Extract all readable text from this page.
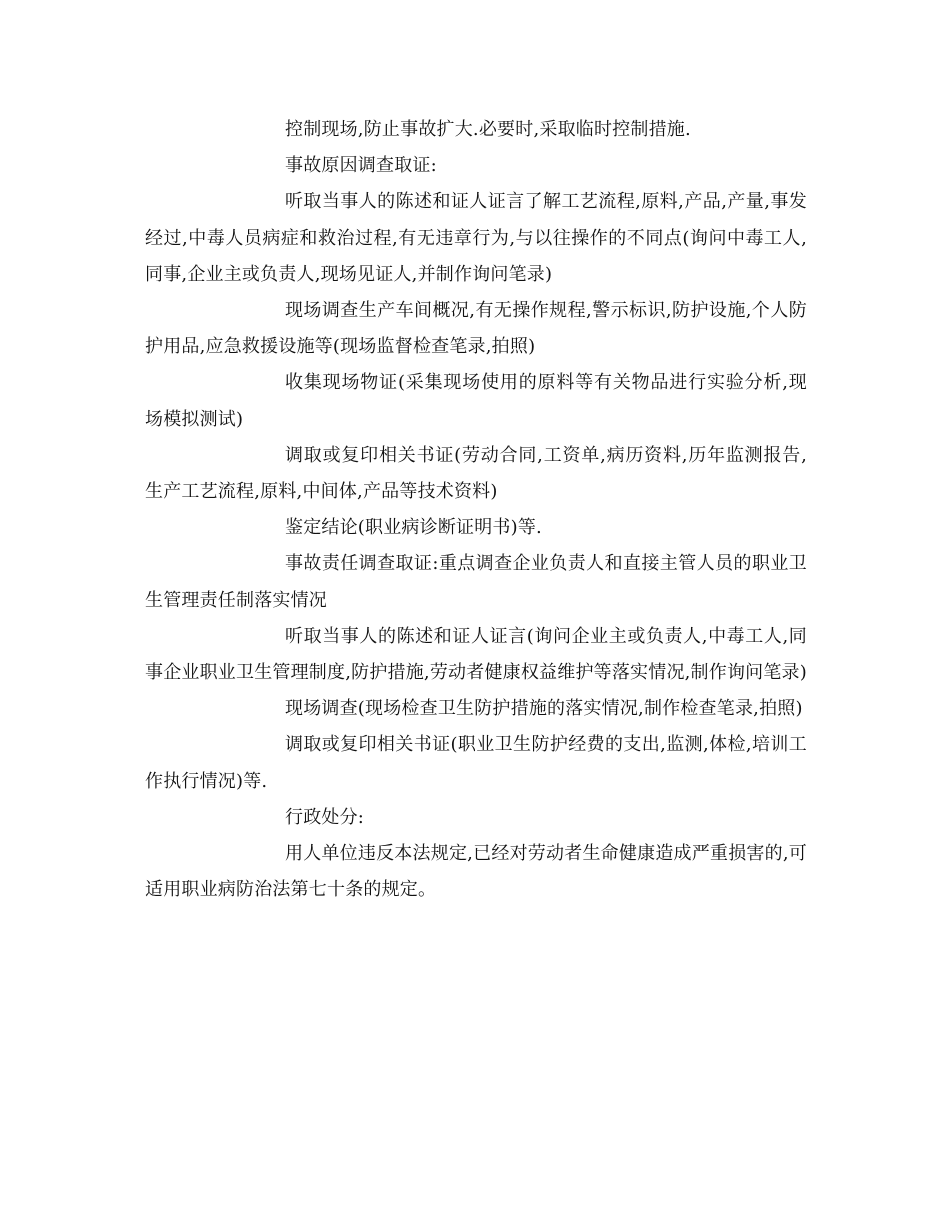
控制现场,防止事故扩大.必要时,采取临时控制措施.

事故原因调查取证:

听取当事人的陈述和证人证言了解工艺流程,原料,产品,产量,事发经过,中毒人员病症和救治过程,有无违章行为,与以往操作的不同点(询问中毒工人,同事,企业主或负责人,现场见证人,并制作询问笔录)

现场调查生产车间概况,有无操作规程,警示标识,防护设施,个人防护用品,应急救援设施等(现场监督检查笔录,拍照)

收集现场物证(采集现场使用的原料等有关物品进行实验分析,现场模拟测试)

调取或复印相关书证(劳动合同,工资单,病历资料,历年监测报告,生产工艺流程,原料,中间体,产品等技术资料)

鉴定结论(职业病诊断证明书)等.

事故责任调查取证:重点调查企业负责人和直接主管人员的职业卫生管理责任制落实情况

听取当事人的陈述和证人证言(询问企业主或负责人,中毒工人,同事企业职业卫生管理制度,防护措施,劳动者健康权益维护等落实情况,制作询问笔录)

现场调查(现场检查卫生防护措施的落实情况,制作检查笔录,拍照)

调取或复印相关书证(职业卫生防护经费的支出,监测,体检,培训工作执行情况)等.

行政处分:

用人单位违反本法规定,已经对劳动者生命健康造成严重损害的,可适用职业病防治法第七十条的规定。
